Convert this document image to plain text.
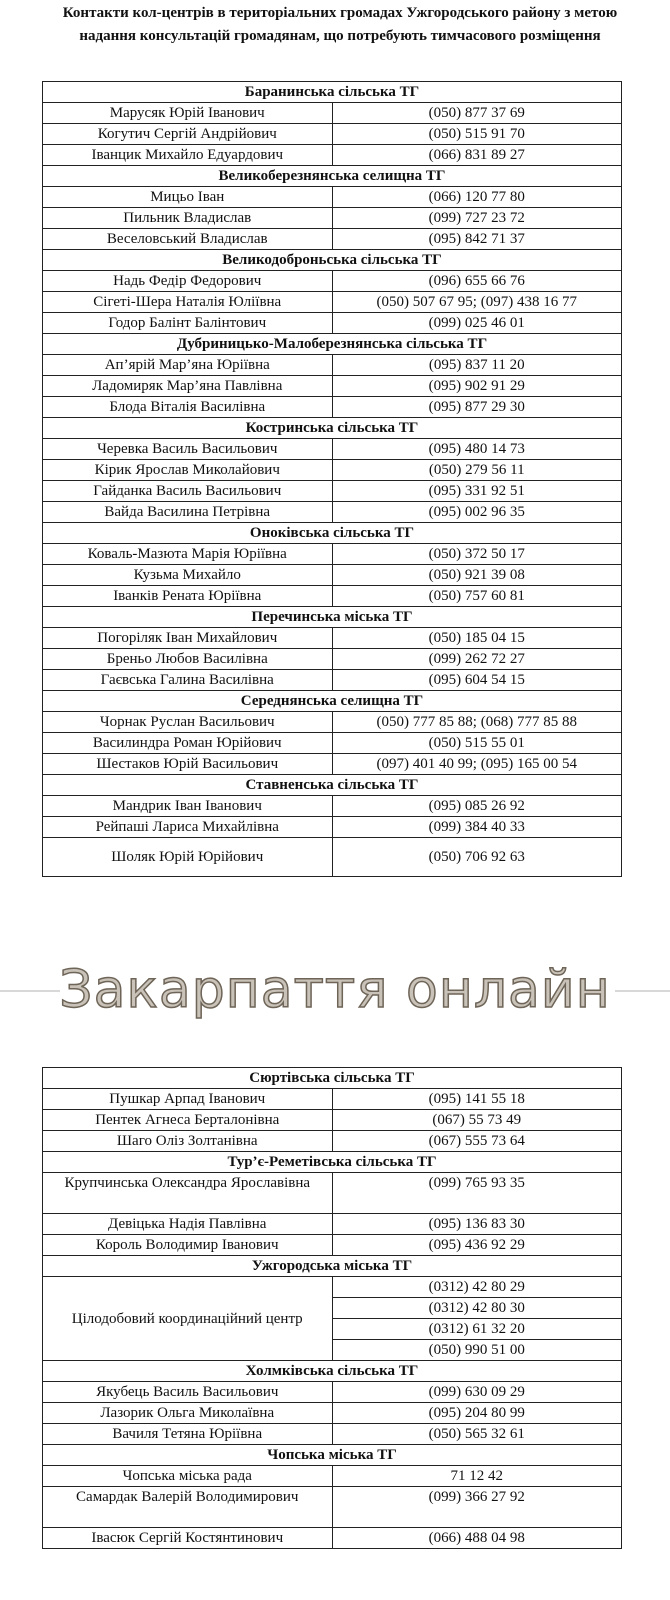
Контакти кол-центрів в територіальних громадах Ужгородського району з метою надання консультацій громадянам, що потребують тимчасового розміщення
Баранинська сільська ТГ	
Марусяк Юрій Іванович	(050) 877 37 69
Когутич Сергій Андрійович	(050) 515 91 70
Іванцик Михайло Едуардович	(066) 831 89 27
Великоберезнянська селищна ТГ	
Мицьо Іван	(066) 120 77 80
Пильник Владислав	(099) 727 23 72
Веселовський Владислав	(095) 842 71 37
Великодоброньська сільська ТГ	
Надь Федір Федорович	(096) 655 66 76
Сігеті-Шера Наталія Юліївна	(050) 507 67 95; (097) 438 16 77
Годор Балінт Балінтович	(099) 025 46 01
Дубриницько-Малоберезнянська сільська ТГ	
Ап’ярій Мар’яна Юріївна	(095) 837 11 20
Ладомиряк Мар’яна Павлівна	(095) 902 91 29
Блода Віталія Василівна	(095) 877 29 30
Костринська сільська ТГ	
Черевка Василь Васильович	(095) 480 14 73
Кірик Ярослав Миколайович	(050) 279 56 11
Гайданка Василь Васильович	(095) 331 92 51
Вайда Василина Петрівна	(095) 002 96 35
Оноківська сільська ТГ	
Коваль-Мазюта Марія Юріївна	(050) 372 50 17
Кузьма Михайло	(050) 921 39 08
Іванків Рената Юріївна	(050) 757 60 81
Перечинська міська ТГ	
Погоріляк Іван Михайлович	(050) 185 04 15
Бреньо Любов Василівна	(099) 262 72 27
Гаєвська Галина Василівна	(095) 604 54 15
Середнянська селищна ТГ	
Чорнак Руслан Васильович	(050) 777 85 88; (068) 777 85 88
Василиндра Роман Юрійович	(050) 515 55 01
Шестаков Юрій Васильович	(097) 401 40 99; (095) 165 00 54
Ставненська сільська ТГ	
Мандрик Іван Іванович	(095) 085 26 92
Рейпаші Лариса Михайлівна	(099) 384 40 33
Шоляк Юрій Юрійович	(050) 706 92 63
Закарпаття онлайн
Сюртівська сільська ТГ	
Пушкар Арпад Іванович	(095) 141 55 18
Пентек Агнеса Берталонівна	(067) 55 73 49
Шаго Оліз Золтанівна	(067) 555 73 64
Тур’є-Реметівська сільська ТГ	
Крупчинська Олександра Ярославівна	(099) 765 93 35
Девіцька Надія Павлівна	(095) 136 83 30
Король Володимир Іванович	(095) 436 92 29
Ужгородська міська ТГ	
Цілодобовий координаційний центр	(0312) 42 80 29
	(0312) 42 80 30
	(0312) 61 32 20
	(050) 990 51 00
Холмківська сільська ТГ	
Якубець Василь Васильович	(099) 630 09 29
Лазорик Ольга Миколаївна	(095) 204 80 99
Вачиля Тетяна Юріївна	(050) 565 32 61
Чопська міська ТГ	
Чопська міська рада	71 12 42
Самардак Валерій Володимирович	(099) 366 27 92
Івасюк Сергій Костянтинович	(066) 488 04 98
